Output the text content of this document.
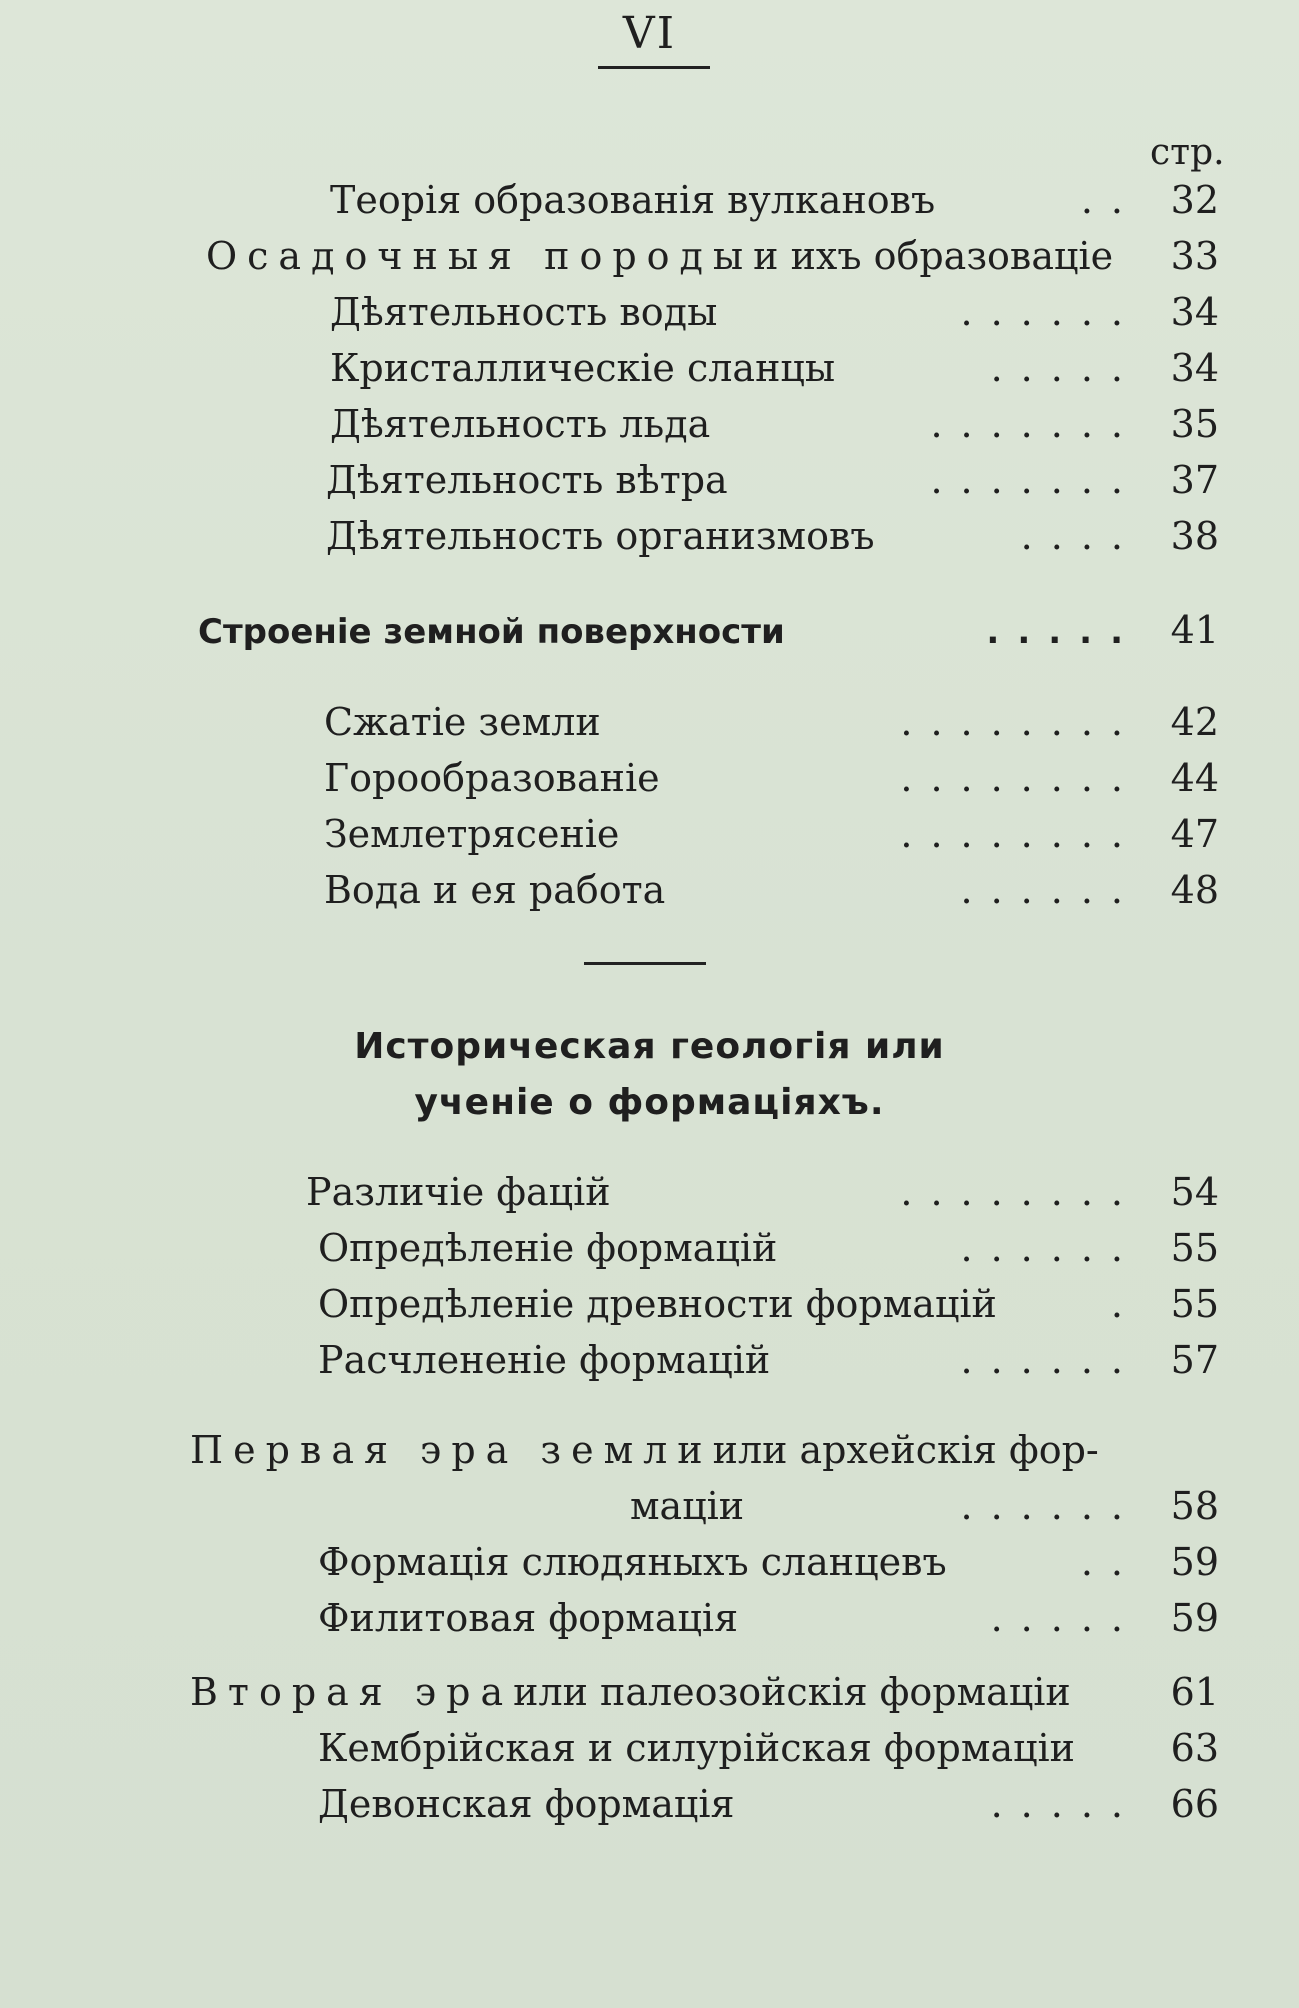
VI
стр.
Теорія образованія вулкановъ	.. 32
Осадочныя породы и ихъ образоваціе	33
Дѣятельность воды	...... 34
Кристаллическіе сланцы	..... 34
Дѣятельность льда	....... 35
Дѣятельность вѣтра	....... 37
Дѣятельность организмовъ	.... 38
Строеніе земной поверхности	..... 41
Сжатіе земли	........ 42
Горообразованіе	........ 44
Землетрясеніе	........ 47
Вода и ея работа	...... 48
Историческая геологія или
ученіе о формаціяхъ.
Различіе фацій	........ 54
Опредѣленіе формацій	...... 55
Опредѣленіе древности формацій	. 55
Расчлененіе формацій	...... 57
Первая эра земли или архейскія фор-
маціи	...... 58
Формація слюдяныхъ сланцевъ	.. 59
Филитовая формація	..... 59
Вторая эра или палеозойскія формаціи	61
Кембрійская и силурійская формаціи	63
Девонская формація	..... 66
